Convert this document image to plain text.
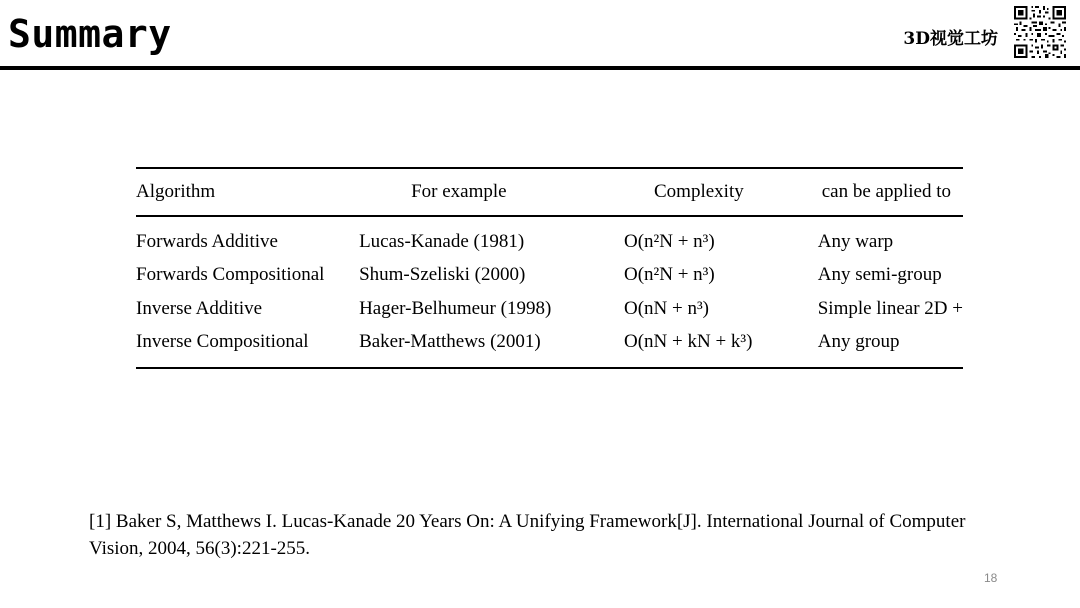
Summary	3D视觉工坊
Algorithm	For example	Complexity	can be applied to
Forwards Additive	Lucas-Kanade (1981)	O(n²N + n³)	Any warp
Forwards Compositional	Shum-Szeliski (2000)	O(n²N + n³)	Any semi-group
Inverse Additive	Hager-Belhumeur (1998)	O(nN + n³)	Simple linear 2D +
Inverse Compositional	Baker-Matthews (2001)	O(nN + kN + k³)	Any group
[1] Baker S, Matthews I. Lucas-Kanade 20 Years On: A Unifying Framework[J]. International Journal of Computer Vision, 2004, 56(3):221-255.
18
